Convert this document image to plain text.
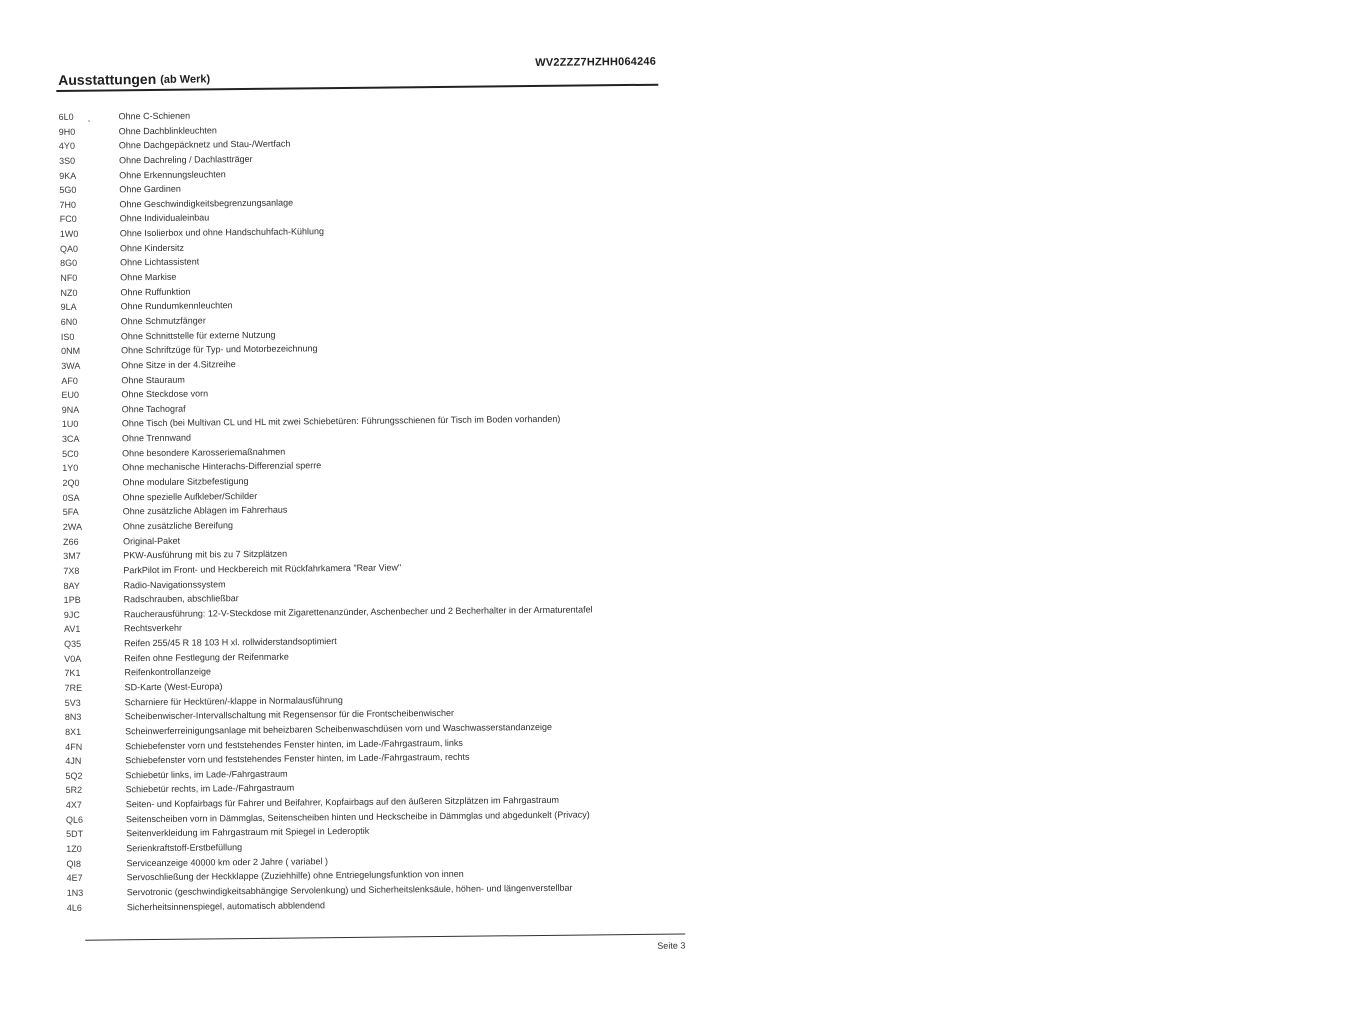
Ausstattungen (ab Werk)
WV2ZZZ7HZHH064246
6L0	Ohne C-Schienen
9H0	Ohne Dachblinkleuchten
4Y0	Ohne Dachgepäcknetz und Stau-/Wertfach
3S0	Ohne Dachreling / Dachlastträger
9KA	Ohne Erkennungsleuchten
5G0	Ohne Gardinen
7H0	Ohne Geschwindigkeitsbegrenzungsanlage
FC0	Ohne Individualeinbau
1W0	Ohne Isolierbox und ohne Handschuhfach-Kühlung
QA0	Ohne Kindersitz
8G0	Ohne Lichtassistent
NF0	Ohne Markise
NZ0	Ohne Ruffunktion
9LA	Ohne Rundumkennleuchten
6N0	Ohne Schmutzfänger
IS0	Ohne Schnittstelle für externe Nutzung
0NM	Ohne Schriftzüge für Typ- und Motorbezeichnung
3WA	Ohne Sitze in der 4.Sitzreihe
AF0	Ohne Stauraum
EU0	Ohne Steckdose vorn
9NA	Ohne Tachograf
1U0	Ohne Tisch (bei Multivan CL und HL mit zwei Schiebetüren: Führungsschienen für Tisch im Boden vorhanden)
3CA	Ohne Trennwand
5C0	Ohne besondere Karosseriemaßnahmen
1Y0	Ohne mechanische Hinterachs-Differenzial sperre
2Q0	Ohne modulare Sitzbefestigung
0SA	Ohne spezielle Aufkleber/Schilder
5FA	Ohne zusätzliche Ablagen im Fahrerhaus
2WA	Ohne zusätzliche Bereifung
Z66	Original-Paket
3M7	PKW-Ausführung mit bis zu 7 Sitzplätzen
7X8	ParkPilot im Front- und Heckbereich mit Rückfahrkamera "Rear View"
8AY	Radio-Navigationssystem
1PB	Radschrauben, abschließbar
9JC	Raucherausführung: 12-V-Steckdose mit Zigarettenanzünder, Aschenbecher und 2 Becherhalter in der Armaturentafel
AV1	Rechtsverkehr
Q35	Reifen 255/45 R 18 103 H xl. rollwiderstandsoptimiert
V0A	Reifen ohne Festlegung der Reifenmarke
7K1	Reifenkontrollanzeige
7RE	SD-Karte (West-Europa)
5V3	Scharniere für Hecktüren/-klappe in Normalausführung
8N3	Scheibenwischer-Intervallschaltung mit Regensensor für die Frontscheibenwischer
8X1	Scheinwerferreinigungsanlage mit beheizbaren Scheibenwaschdüsen vorn und Waschwasserstandanzeige
4FN	Schiebefenster vorn und feststehendes Fenster hinten, im Lade-/Fahrgastraum, links
4JN	Schiebefenster vorn und feststehendes Fenster hinten, im Lade-/Fahrgastraum, rechts
5Q2	Schiebetür links, im Lade-/Fahrgastraum
5R2	Schiebetür rechts, im Lade-/Fahrgastraum
4X7	Seiten- und Kopfairbags für Fahrer und Beifahrer, Kopfairbags auf den äußeren Sitzplätzen im Fahrgastraum
QL6	Seitenscheiben vorn in Dämmglas, Seitenscheiben hinten und Heckscheibe in Dämmglas und abgedunkelt (Privacy)
5DT	Seitenverkleidung im Fahrgastraum mit Spiegel in Lederoptik
1Z0	Serienkraftstoff-Erstbefüllung
QI8	Serviceanzeige 40000 km oder 2 Jahre ( variabel )
4E7	Servoschließung der Heckklappe (Zuziehhilfe) ohne Entriegelungsfunktion von innen
1N3	Servotronic (geschwindigkeitsabhängige Servolenkung) und Sicherheitslenksäule, höhen- und längenverstellbar
4L6	Sicherheitsinnenspiegel, automatisch abblendend
Seite 3
